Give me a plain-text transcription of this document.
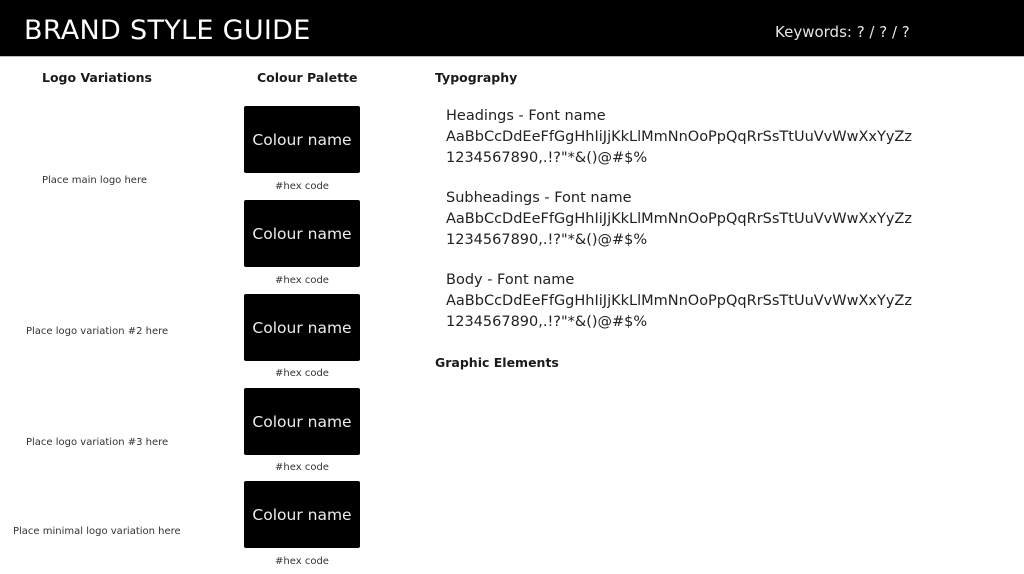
BRAND STYLE GUIDE	Keywords: ? / ? / ?
Logo Variations
Place main logo here
Place logo variation #2 here
Place logo variation #3 here
Place minimal logo variation here
Colour Palette
Colour name
#hex code
Colour name
#hex code
Colour name
#hex code
Colour name
#hex code
Colour name
#hex code
Typography
Headings - Font name
AaBbCcDdEeFfGgHhIiJjKkLlMmNnOoPpQqRrSsTtUuVvWwXxYyZz
1234567890,.!?"*&()@#$%
Subheadings - Font name
AaBbCcDdEeFfGgHhIiJjKkLlMmNnOoPpQqRrSsTtUuVvWwXxYyZz
1234567890,.!?"*&()@#$%
Body - Font name
AaBbCcDdEeFfGgHhIiJjKkLlMmNnOoPpQqRrSsTtUuVvWwXxYyZz
1234567890,.!?"*&()@#$%
Graphic Elements
